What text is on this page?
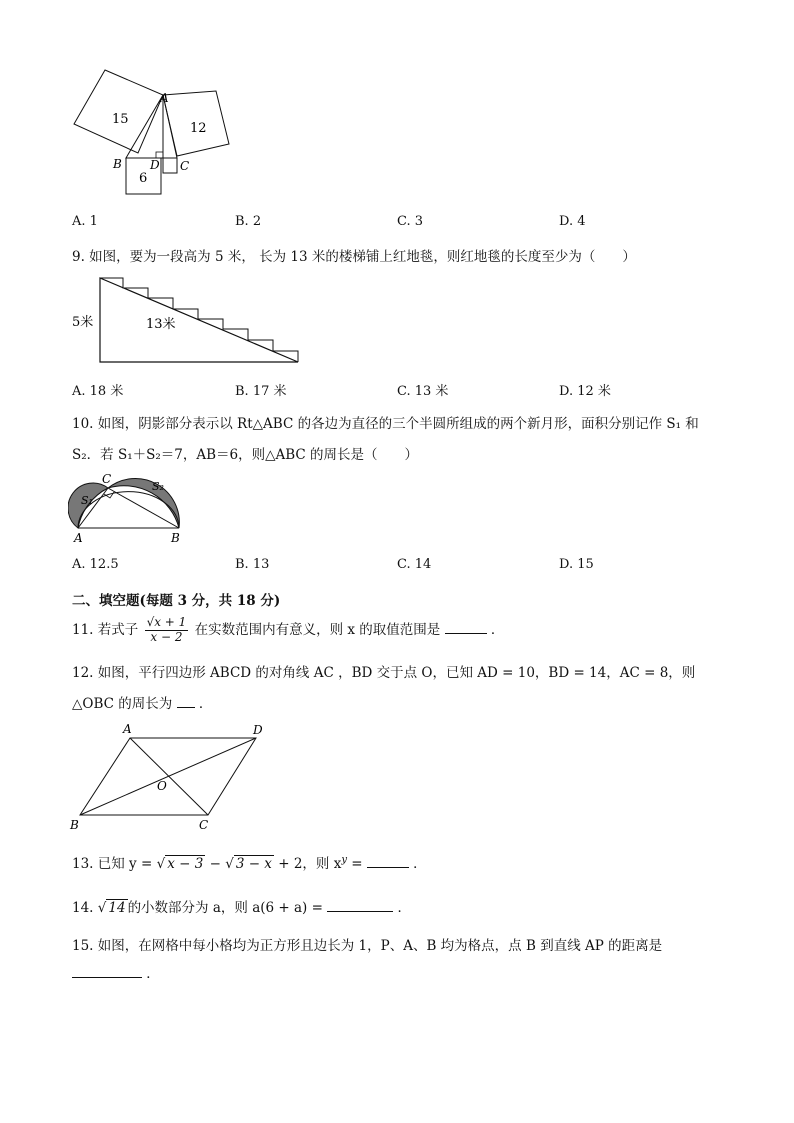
15
12
6
A
B D C
A. 1	B. 2	C. 3	D. 4
9. 如图，要为一段高为 5 米， 长为 13 米的楼梯铺上红地毯，则红地毯的长度至少为（　　）
5米	13米
A. 18 米	B. 17 米	C. 13 米	D. 12 米
10. 如图，阴影部分表示以 Rt△ABC 的各边为直径的三个半圆所组成的两个新月形，面积分别记作 S₁ 和
S₂．若 S₁＋S₂＝7，AB＝6，则△ABC 的周长是（　　）
C
S₁
S₂
A	B
A. 12.5	B. 13	C. 14	D. 15
二、填空题(每题 3 分，共 18 分)
11. 若式子 $\frac{√x + 1}{x - 2}$ 在实数范围内有意义，则 x 的取值范围是	．
12. 如图，平行四边形 ABCD 的对角线 AC ，BD 交于点 O，已知 AD = 10，BD = 14，AC = 8，则
△OBC 的周长为 ．
A	D
O
B	C
13. 已知 y = √ x − 3 − √ 3 − x + 2，则 $x^y$ =	．
14. √ 14 的小数部分为 a，则 a(6 + a) =	．
15. 如图，在网格中每小格均为正方形且边长为 1，P、A、B 均为格点，点 B 到直线 AP 的距离是
．
